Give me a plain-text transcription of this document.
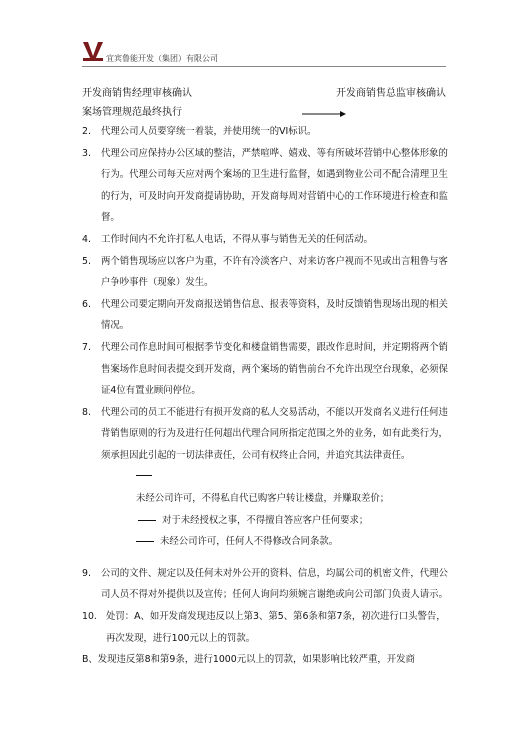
宜宾鲁能开发（集团）有限公司
开发商销售经理审核确认	开发商销售总监审核确认
案场管理规范最终执行
2.	代理公司人员要穿统一着装，并使用统一的VI标识。
3.	代理公司应保持办公区域的整洁，严禁喧哗、嬉戏、等有所破坏营销中心整体形象的行为。代理公司每天应对两个案场的卫生进行监督，如遇到物业公司不配合清理卫生的行为，可及时向开发商提请协助，开发商每周对营销中心的工作环境进行检查和监督。
4.	工作时间内不允许打私人电话，不得从事与销售无关的任何活动。
5.	两个销售现场应以客户为重，不许有冷淡客户、对来访客户视而不见或出言粗鲁与客户争吵事件（现象）发生。
6.	代理公司要定期向开发商报送销售信息、报表等资料，及时反馈销售现场出现的相关情况。
7.	代理公司作息时间可根据季节变化和楼盘销售需要，跟改作息时间，并定期将两个销售案场作息时间表提交到开发商，两个案场的销售前台不允许出现空台现象，必须保证4位有置业顾问停位。
8.	代理公司的员工不能进行有损开发商的私人交易活动，不能以开发商名义进行任何违背销售原则的行为及进行任何超出代理合同所指定范围之外的业务，如有此类行为，须承担因此引起的一切法律责任，公司有权终止合同，并追究其法律责任。
未经公司许可，不得私自代已购客户转让楼盘，并赚取差价；
对于未经授权之事，不得擅自答应客户任何要求；
未经公司许可，任何人不得修改合同条款。
9.	公司的文件、规定以及任何未对外公开的资料、信息，均属公司的机密文件，代理公司人员不得对外提供以及宣传；任何人询问均须婉言谢绝或向公司部门负责人请示。
10. 处罚：A、如开发商发现违反以上第3、第5、第6条和第7条，初次进行口头警告，再次发现，进行100元以上的罚款。
B、发现违反第8和第9条，进行1000元以上的罚款，如果影响比较严重，开发商
